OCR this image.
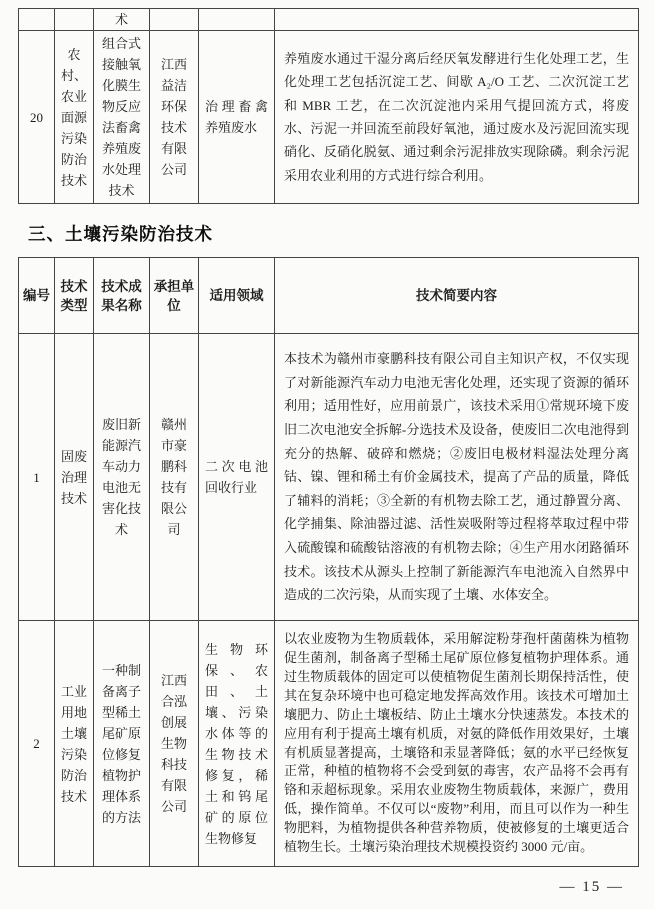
		术			
20	农村、农业面源污染防治技术	组合式接触氧化膜生物反应法畜禽养殖废水处理技术	江西益洁环保技术有限公司	治理畜禽养殖废水	养殖废水通过干湿分离后经厌氧发酵进行生化处理工艺，生化处理工艺包括沉淀工艺、间歇 A₂/O 工艺、二次沉淀工艺和 MBR 工艺，在二次沉淀池内采用气提回流方式，将废水、污泥一并回流至前段好氧池，通过废水及污泥回流实现硝化、反硝化脱氨、通过剩余污泥排放实现除磷。剩余污泥采用农业利用的方式进行综合利用。
三、土壤污染防治技术
编号	技术类型	技术成果名称	承担单位	适用领域	技术简要内容
1	固废治理技术	废旧新能源汽车动力电池无害化技术	赣州市豪鹏科技有限公司	二次电池回收行业	本技术为赣州市豪鹏科技有限公司自主知识产权，不仅实现了对新能源汽车动力电池无害化处理，还实现了资源的循环利用；适用性好，应用前景广，该技术采用①常规环境下废旧二次电池安全拆解-分选技术及设备，使废旧二次电池得到充分的热解、破碎和燃烧；②废旧电极材料湿法处理分离钴、镍、锂和稀土有价金属技术，提高了产品的质量，降低了辅料的消耗；③全新的有机物去除工艺，通过静置分离、化学捕集、除油器过滤、活性炭吸附等过程将萃取过程中带入硫酸镍和硫酸钴溶液的有机物去除；④生产用水闭路循环技术。该技术从源头上控制了新能源汽车电池流入自然界中造成的二次污染，从而实现了土壤、水体安全。
2	工业用地土壤污染防治技术	一种制备离子型稀土尾矿原位修复植物护理体系的方法	江西合泓创展生物科技有限公司	生物环保、农田、土壤、污染水体等的生物技术修复，稀土和钨尾矿的原位生物修复	以农业废物为生物质载体，采用解淀粉芽孢杆菌菌株为植物促生菌剂，制备离子型稀土尾矿原位修复植物护理体系。通过生物质载体的固定可以使植物促生菌剂长期保持活性，使其在复杂环境中也可稳定地发挥高效作用。该技术可增加土壤肥力、防止土壤板结、防止土壤水分快速蒸发。本技术的应用有利于提高土壤有机质，对氨的降低作用效果好，土壤有机质显著提高，土壤铬和汞显著降低；氨的水平已经恢复正常，种植的植物将不会受到氨的毒害，农产品将不会再有铬和汞超标现象。采用农业废物生物质载体，来源广，费用低，操作简单。不仅可以“废物”利用，而且可以作为一种生物肥料，为植物提供各种营养物质，使被修复的土壤更适合植物生长。土壤污染治理技术规模投资约 3000 元/亩。
— 15 —
